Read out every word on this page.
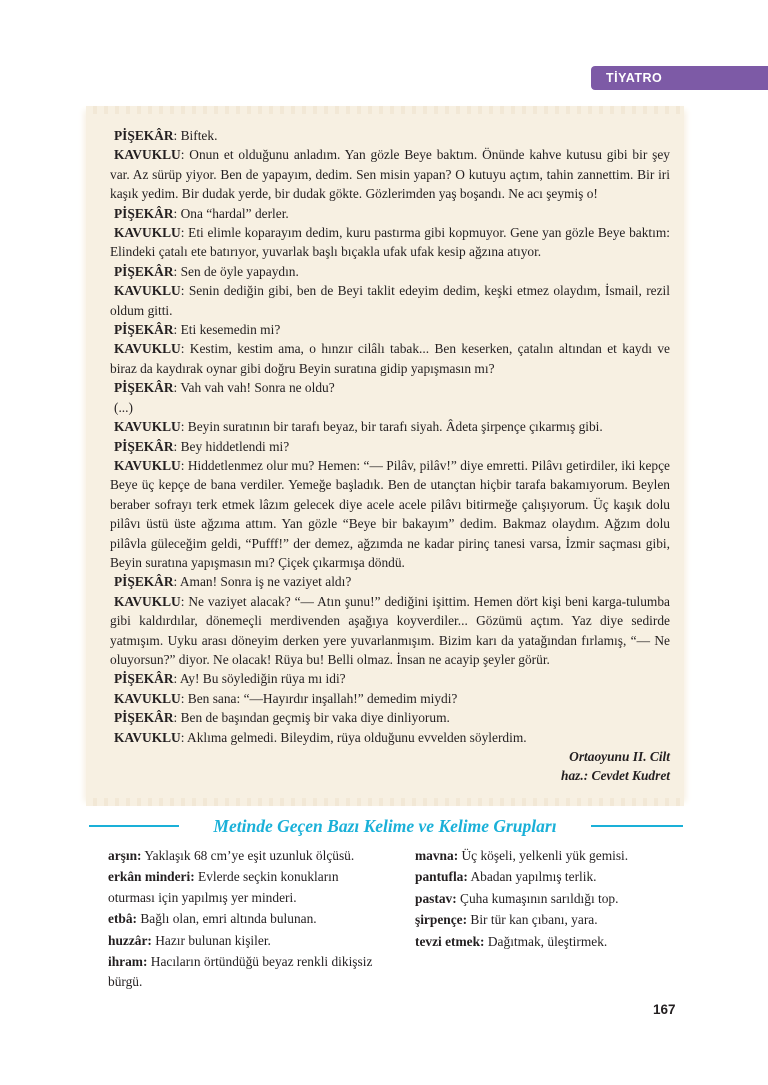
TİYATRO

PİŞEKÂR: Biftek.

KAVUKLU: Onun et olduğunu anladım. Yan gözle Beye baktım. Önünde kahve kutusu gibi bir şey var. Az sürüp yiyor. Ben de yapayım, dedim. Sen misin yapan? O kutuyu açtım, tahin zannettim. Bir iri kaşık yedim. Bir dudak yerde, bir dudak gökte. Gözlerimden yaş boşandı. Ne acı şeymiş o!

PİŞEKÂR: Ona “hardal” derler.

KAVUKLU: Eti elimle koparayım dedim, kuru pastırma gibi kopmuyor. Gene yan gözle Beye baktım: Elindeki çatalı ete batırıyor, yuvarlak başlı bıçakla ufak ufak kesip ağzına atıyor.

PİŞEKÂR: Sen de öyle yapaydın.

KAVUKLU: Senin dediğin gibi, ben de Beyi taklit edeyim dedim, keşki etmez olaydım, İsmail, rezil oldum gitti.

PİŞEKÂR: Eti kesemedin mi?

KAVUKLU: Kestim, kestim ama, o hınzır cilâlı tabak... Ben keserken, çatalın altından et kaydı ve biraz da kaydırak oynar gibi doğru Beyin suratına gidip yapışmasın mı?

PİŞEKÂR: Vah vah vah! Sonra ne oldu?

(...)

KAVUKLU: Beyin suratının bir tarafı beyaz, bir tarafı siyah. Âdeta şirpençe çıkarmış gibi.

PİŞEKÂR: Bey hiddetlendi mi?

KAVUKLU: Hiddetlenmez olur mu? Hemen: “— Pilâv, pilâv!” diye emretti. Pilâvı getirdiler, iki kepçe Beye üç kepçe de bana verdiler. Yemeğe başladık. Ben de utançtan hiçbir tarafa bakamıyorum. Beylen beraber sofrayı terk etmek lâzım gelecek diye acele acele pilâvı bitirmeğe çalışıyorum. Üç kaşık dolu pilâvı üstü üste ağzıma attım. Yan gözle “Beye bir bakayım” dedim. Bakmaz olaydım. Ağzım dolu pilâvla güleceğim geldi, “Pufff!” der demez, ağzımda ne kadar pirinç tanesi varsa, İzmir saçması gibi, Beyin suratına yapışmasın mı? Çiçek çıkarmışa döndü.

PİŞEKÂR: Aman! Sonra iş ne vaziyet aldı?

KAVUKLU: Ne vaziyet alacak? “— Atın şunu!” dediğini işittim. Hemen dört kişi beni karga-tulumba gibi kaldırdılar, dönemeçli merdivenden aşağıya koyverdiler... Gözümü açtım. Yaz diye sedirde yatmışım. Uyku arası döneyim derken yere yuvarlanmışım. Bizim karı da yatağından fırlamış, “— Ne oluyorsun?” diyor. Ne olacak! Rüya bu! Belli olmaz. İnsan ne acayip şeyler görür.

PİŞEKÂR: Ay! Bu söylediğin rüya mı idi?

KAVUKLU: Ben sana: “—Hayırdır inşallah!” demedim miydi?

PİŞEKÂR: Ben de başından geçmiş bir vaka diye dinliyorum.

KAVUKLU: Aklıma gelmedi. Bileydim, rüya olduğunu evvelden söylerdim.

Ortaoyunu II. Cilt

haz.: Cevdet Kudret

Metinde Geçen Bazı Kelime ve Kelime Grupları

arşın: Yaklaşık 68 cm’ye eşit uzunluk ölçüsü.

erkân minderi: Evlerde seçkin konukların oturması için yapılmış yer minderi.

etbâ: Bağlı olan, emri altında bulunan.

huzzâr: Hazır bulunan kişiler.

ihram: Hacıların örtündüğü beyaz renkli dikişsiz bürgü.

mavna: Üç köşeli, yelkenli yük gemisi.

pantufla: Abadan yapılmış terlik.

pastav: Çuha kumaşının sarıldığı top.

şirpençe: Bir tür kan çıbanı, yara.

tevzi etmek: Dağıtmak, üleştirmek.

167
